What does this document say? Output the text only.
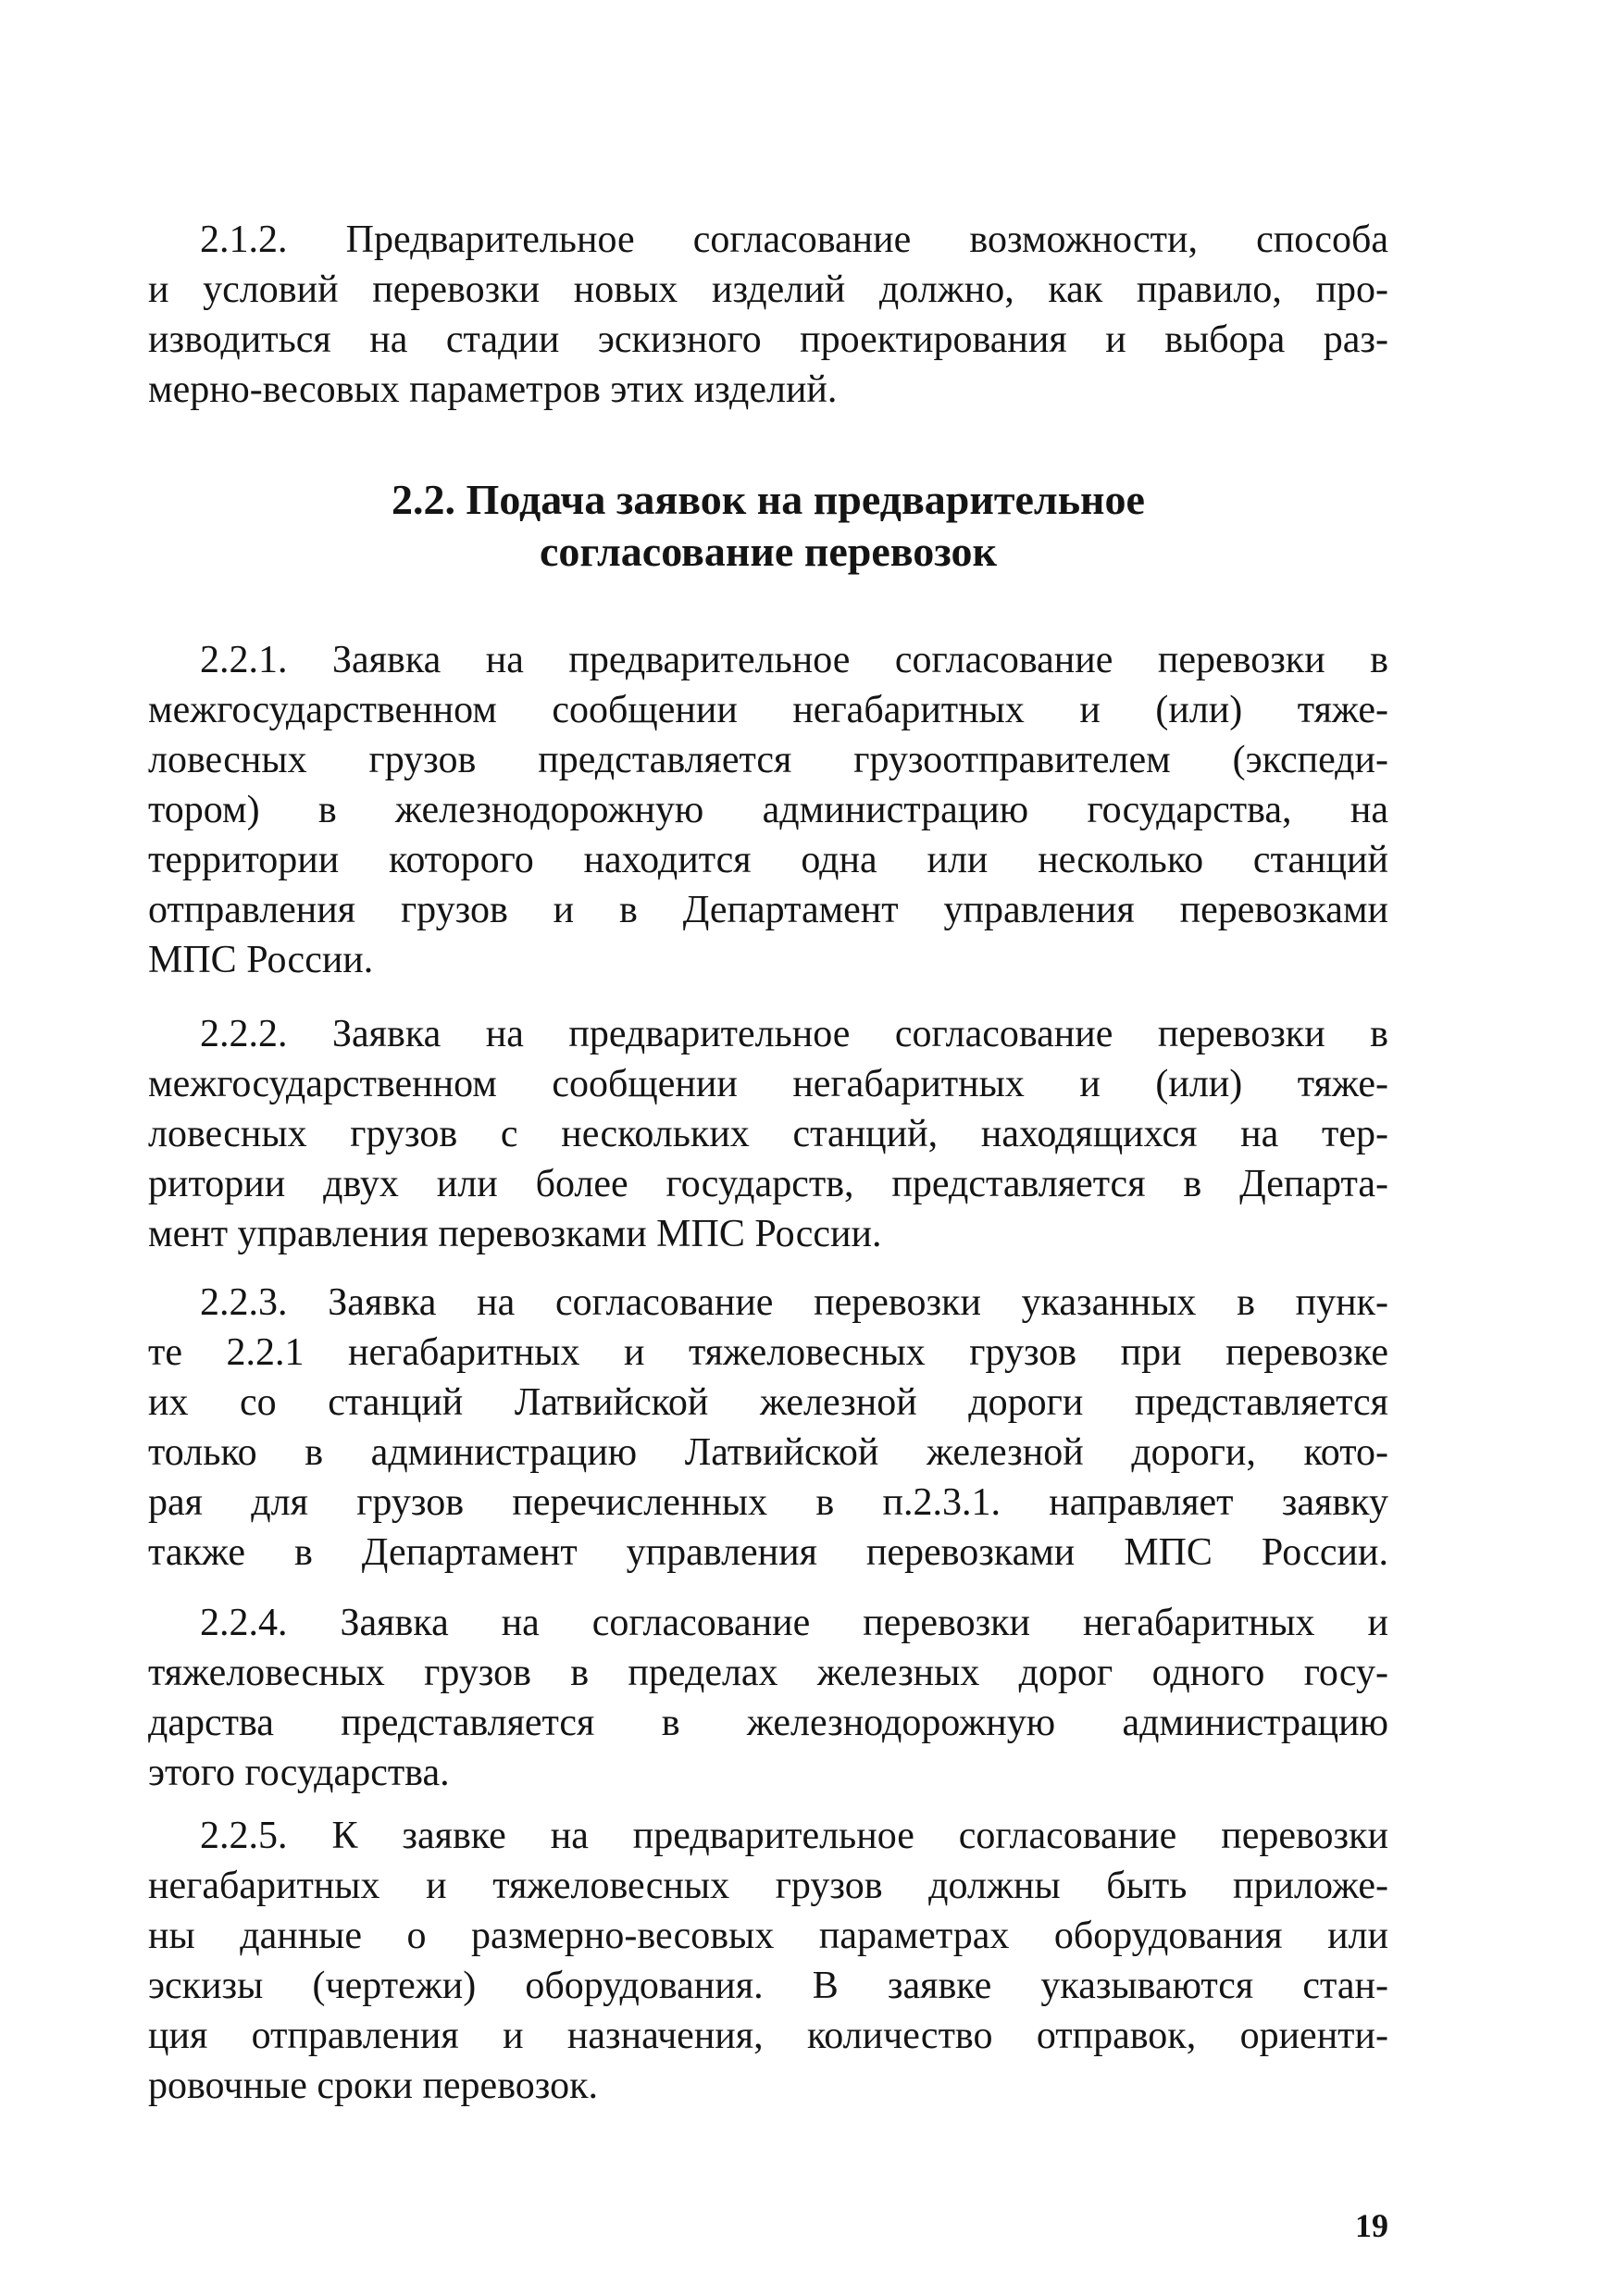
2.1.2. Предварительное согласование возможности, способа
и условий перевозки новых изделий должно, как правило, про-
изводиться на стадии эскизного проектирования и выбора раз-
мерно-весовых параметров этих изделий.
2.2. Подача заявок на предварительное
согласование перевозок
2.2.1. Заявка на предварительное согласование перевозки в
межгосударственном сообщении негабаритных и (или) тяже-
ловесных грузов представляется грузоотправителем (экспеди-
тором) в железнодорожную администрацию государства, на
территории которого находится одна или несколько станций
отправления грузов и в Департамент управления перевозками
МПС России.
2.2.2. Заявка на предварительное согласование перевозки в
межгосударственном сообщении негабаритных и (или) тяже-
ловесных грузов с нескольких станций, находящихся на тер-
ритории двух или более государств, представляется в Департа-
мент управления перевозками МПС России.
2.2.3. Заявка на согласование перевозки указанных в пунк-
те 2.2.1 негабаритных и тяжеловесных грузов при перевозке
их со станций Латвийской железной дороги представляется
только в администрацию Латвийской железной дороги, кото-
рая для грузов перечисленных в п.2.3.1. направляет заявку
также в Департамент управления перевозками МПС России.
2.2.4. Заявка на согласование перевозки негабаритных и
тяжеловесных грузов в пределах железных дорог одного госу-
дарства представляется в железнодорожную администрацию
этого государства.
2.2.5. К заявке на предварительное согласование перевозки
негабаритных и тяжеловесных грузов должны быть приложе-
ны данные о размерно-весовых параметрах оборудования или
эскизы (чертежи) оборудования. В заявке указываются стан-
ция отправления и назначения, количество отправок, ориенти-
ровочные сроки перевозок.
19
